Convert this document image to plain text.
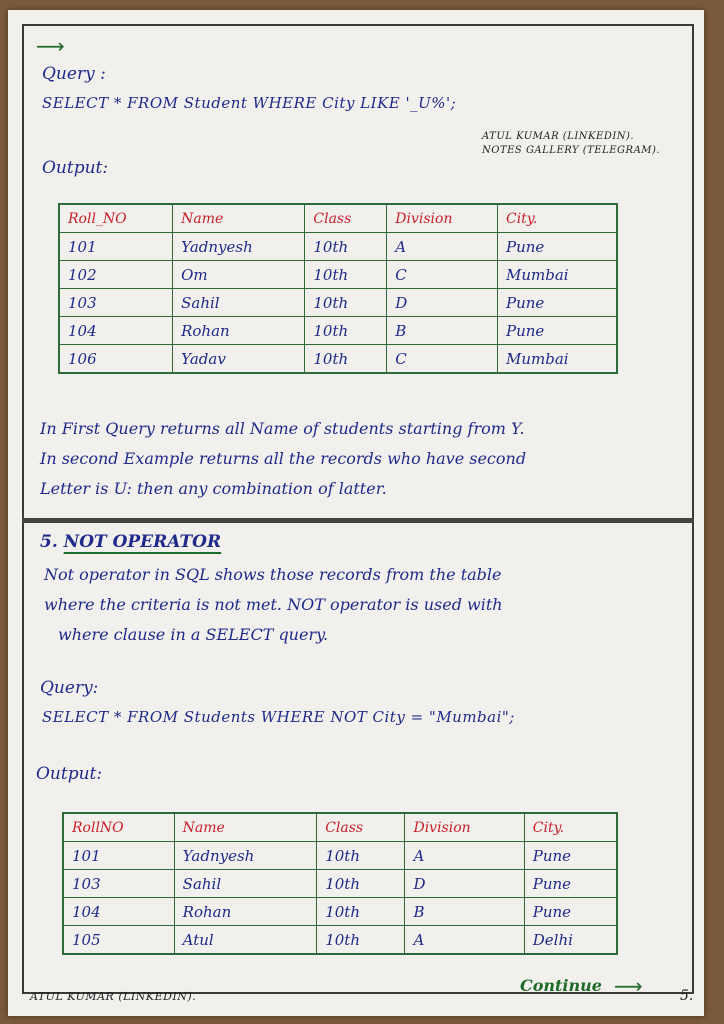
⟶
Query :
SELECT * FROM Student WHERE City LIKE '_U%';
ATUL KUMAR (LINKEDIN).
NOTES GALLERY (TELEGRAM).
Output:
Roll_NO	Name	Class	Division	City.
101	Yadnyesh	10th	A	Pune
102	Om	10th	C	Mumbai
103	Sahil	10th	D	Pune
104	Rohan	10th	B	Pune
106	Yadav	10th	C	Mumbai
In First Query returns all Name of students starting from Y.
In second Example returns all the records who have second
Letter is U: then any combination of latter.
5. NOT OPERATOR
Not operator in SQL shows those records from the table
where the criteria is not met. NOT operator is used with
where clause in a SELECT query.
Query:
SELECT * FROM Students WHERE NOT City = "Mumbai";
Output:
RollNO	Name	Class	Division	City.
101	Yadnyesh	10th	A	Pune
103	Sahil	10th	D	Pune
104	Rohan	10th	B	Pune
105	Atul	10th	A	Delhi
ATUL KUMAR (LINKEDIN).
Continue ⟶	5.
